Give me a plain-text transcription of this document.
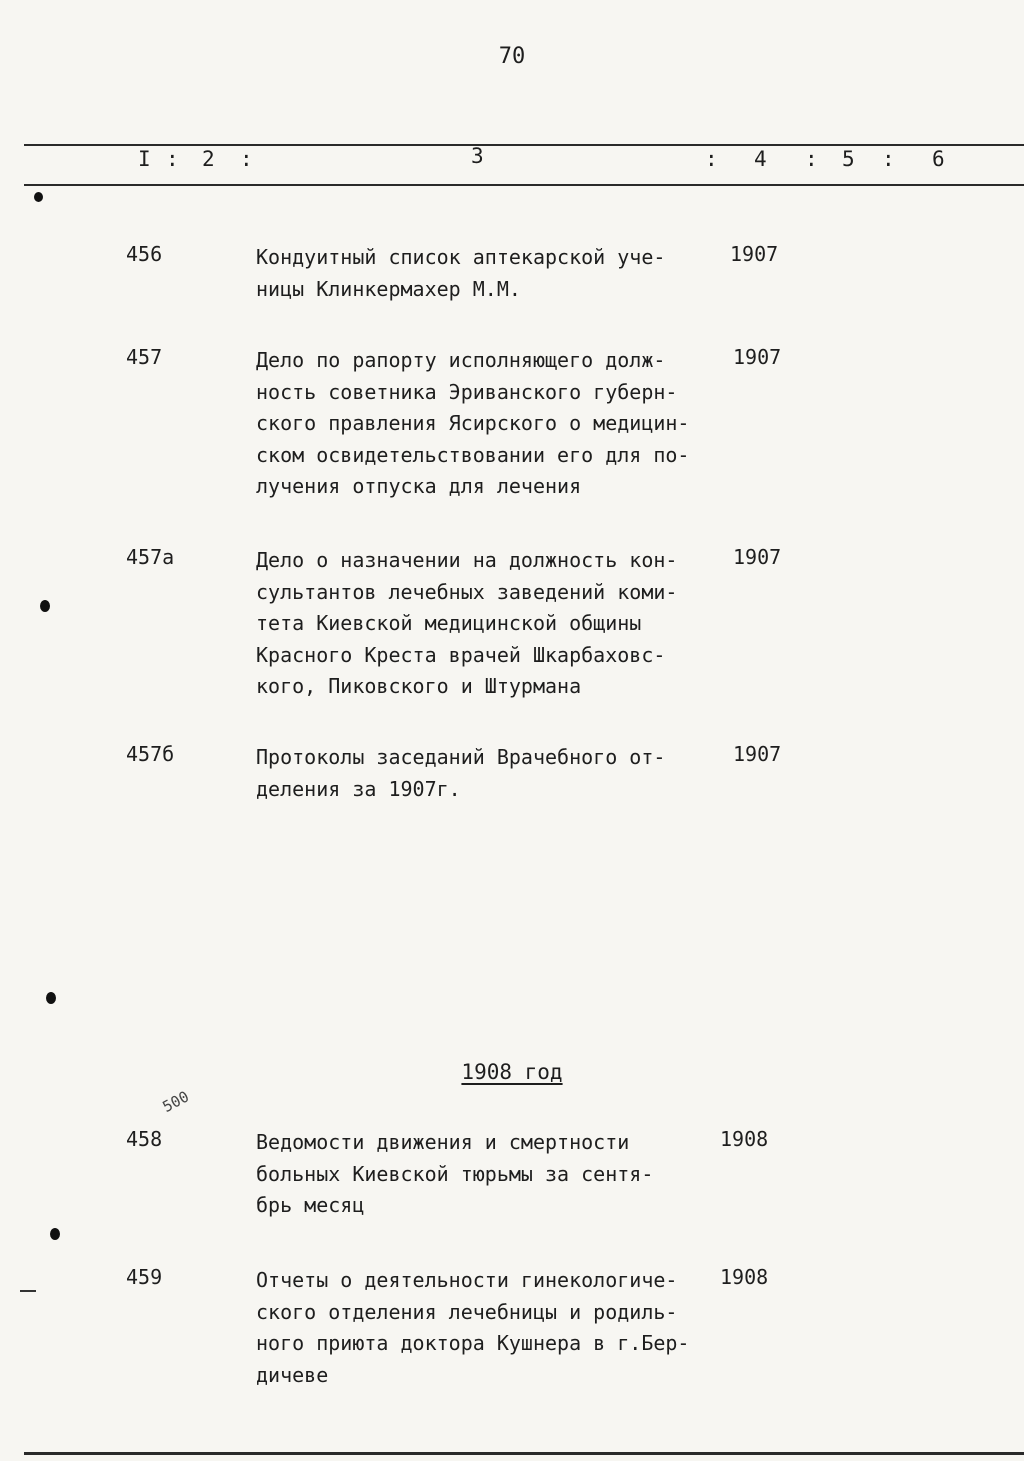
70
I : 2 :	3	: 4 : 5 : 6
456	Кондуитный список аптекарской уче-
ницы Клинкермахер М.М.
1907
457	Дело по рапорту исполняющего долж-
ность советника Эриванского губерн-
ского правления Ясирского о медицин-
ском освидетельствовании его для по-
лучения отпуска для лечения
1907
457а	Дело о назначении на должность кон-
сультантов лечебных заведений коми-
тета Киевской медицинской общины
Красного Креста врачей Шкарбаховс-
кого, Пиковского и Штурмана
1907
457б	Протоколы заседаний Врачебного от-
деления за 1907г.
1907
1908 год
500
458	Ведомости движения и смертности
больных Киевской тюрьмы за сентя-
брь месяц
1908
459	Отчеты о деятельности гинекологиче-
ского отделения лечебницы и родиль-
ного приюта доктора Кушнера в г.Бер-
дичеве
1908
